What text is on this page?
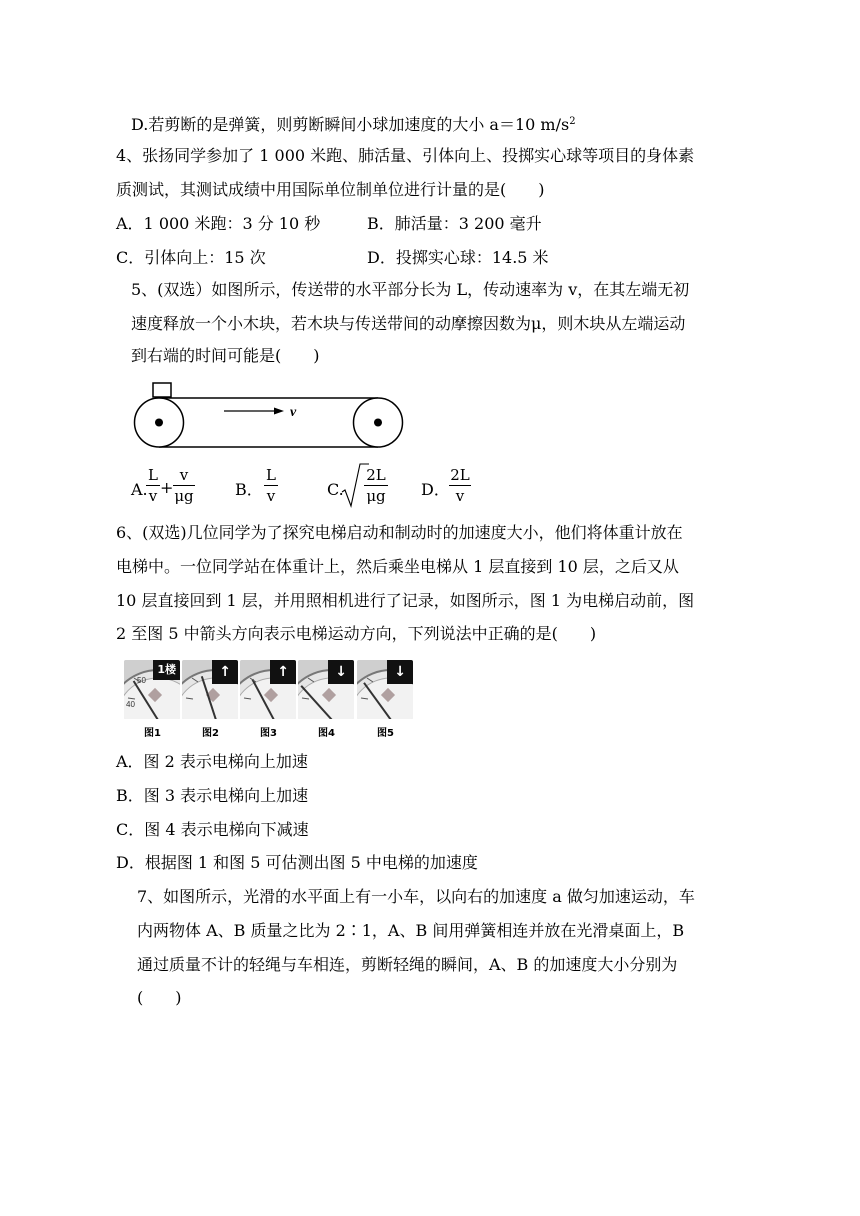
D.若剪断的是弹簧，则剪断瞬间小球加速度的大小 a＝10 $m/s^2$
4、张扬同学参加了 1 000 米跑、肺活量、引体向上、投掷实心球等项目的身体素
质测试，其测试成绩中用国际单位制单位进行计量的是(　　)
A．1 000 米跑：3 分 10 秒	B．肺活量：3 200 毫升
C．引体向上：15 次	D．投掷实心球：14.5 米
5、(双选）如图所示，传送带的水平部分长为 L，传动速率为 v，在其左端无初
速度释放一个小木块，若木块与传送带间的动摩擦因数为μ，则木块从左端运动
到右端的时间可能是(　　)
v
A.
L
v +
v
μg	B．
L
v	C.
2L
μg D．
2L
v
6、(双选)几位同学为了探究电梯启动和制动时的加速度大小，他们将体重计放在
电梯中。一位同学站在体重计上，然后乘坐电梯从 1 层直接到 10 层，之后又从
10 层直接回到 1 层，并用照相机进行了记录，如图所示，图 1 为电梯启动前，图
2 至图 5 中箭头方向表示电梯运动方向，下列说法中正确的是(　　)
50
40
1楼
图1
↑
图2
↑
图3
↓
图4
↓
图5
A．图 2 表示电梯向上加速
B．图 3 表示电梯向上加速
C．图 4 表示电梯向下减速
D．根据图 1 和图 5 可估测出图 5 中电梯的加速度
7、如图所示，光滑的水平面上有一小车，以向右的加速度 a 做匀加速运动，车
内两物体 A、B 质量之比为 2∶1，A、B 间用弹簧相连并放在光滑桌面上，B
通过质量不计的轻绳与车相连，剪断轻绳的瞬间，A、B 的加速度大小分别为
(　　)
